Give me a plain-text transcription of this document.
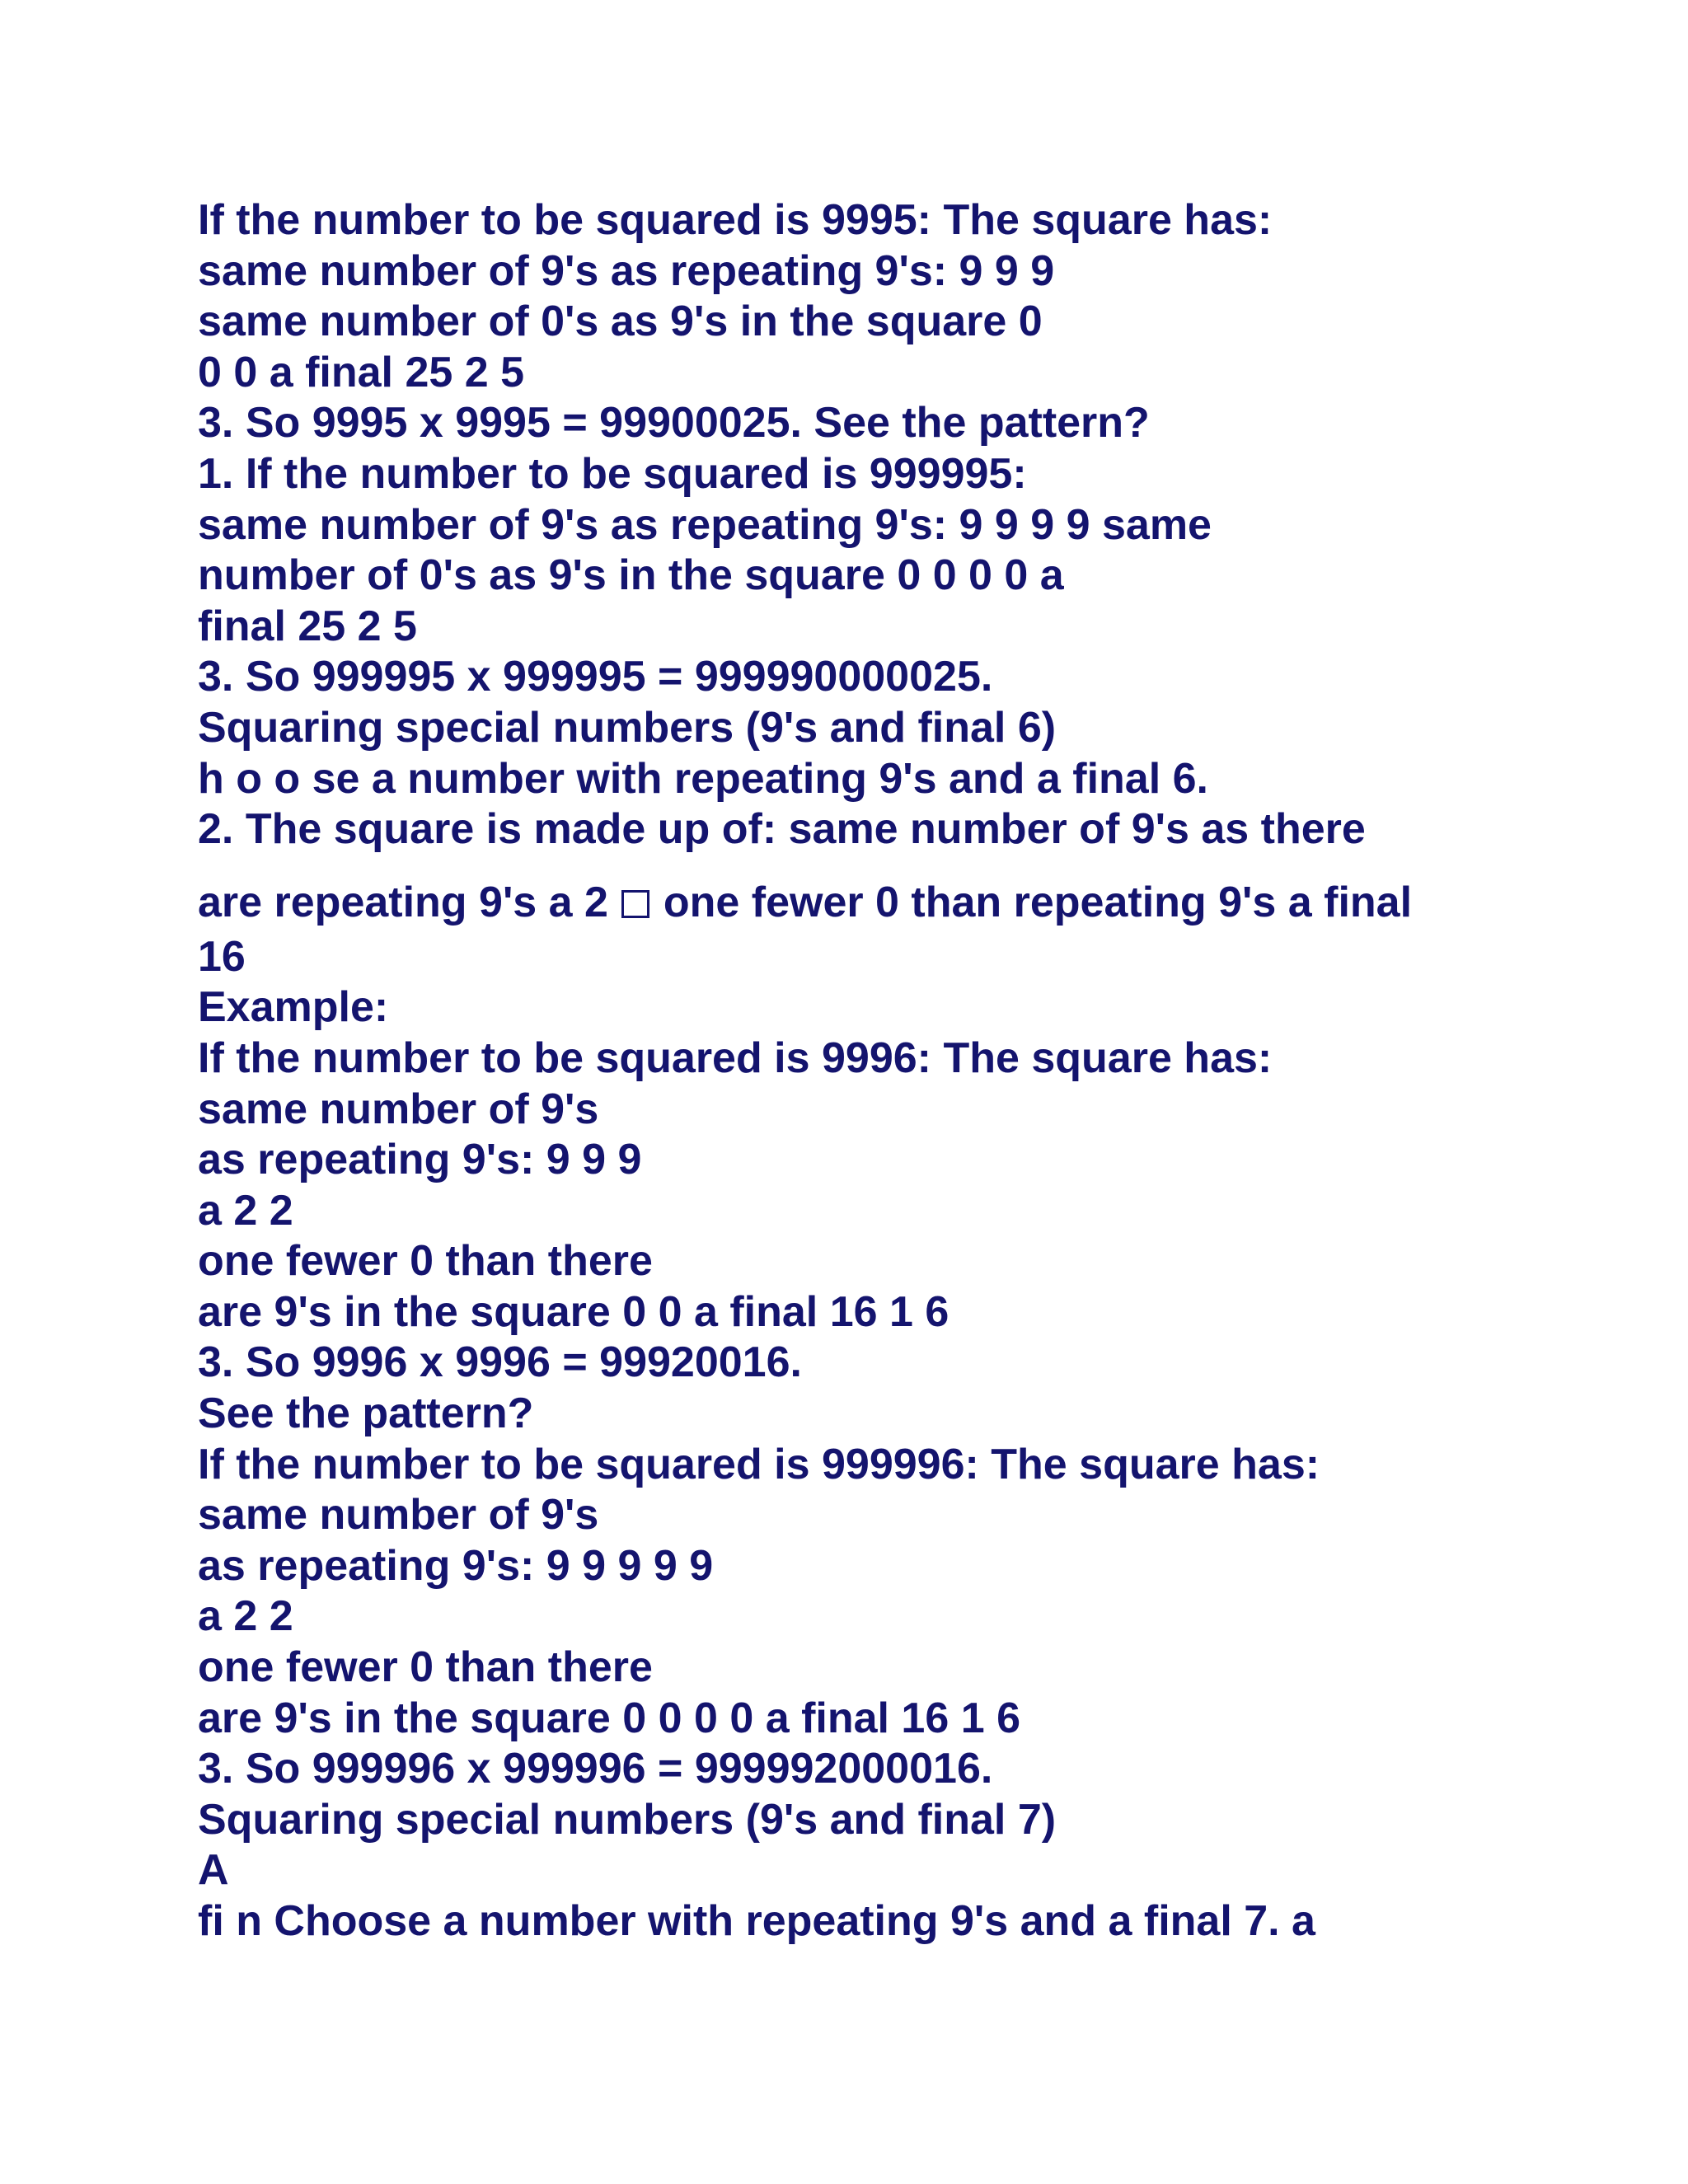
If the number to be squared is 9995: The square has:
same number of 9's as repeating 9's: 9 9 9
same number of 0's as 9's in the square 0
0 0 a final 25 2 5
3. So 9995 x 9995 = 99900025. See the pattern?
1. If the number to be squared is 999995:
same number of 9's as repeating 9's: 9 9 9 9 same
number of 0's as 9's in the square 0 0 0 0 a
final 25 2 5
3. So 999995 x 999995 = 999990000025.
Squaring special numbers (9's and final 6)
h o o se a number with repeating 9's and a final 6.
2. The square is made up of: same number of 9's as there
are repeating 9's a 2  one fewer 0 than repeating 9's a final
16
Example:
If the number to be squared is 9996: The square has:
same number of 9's
as repeating 9's: 9 9 9
a 2 2
one fewer 0 than there
are 9's in the square 0 0 a final 16 1 6
3. So 9996 x 9996 = 99920016.
See the pattern?
If the number to be squared is 999996: The square has:
same number of 9's
as repeating 9's: 9 9 9 9 9
a 2 2
one fewer 0 than there
are 9's in the square 0 0 0 0 a final 16 1 6
3. So 999996 x 999996 = 999992000016.
Squaring special numbers (9's and final 7)
A
fi n Choose a number with repeating 9's and a final 7. a
